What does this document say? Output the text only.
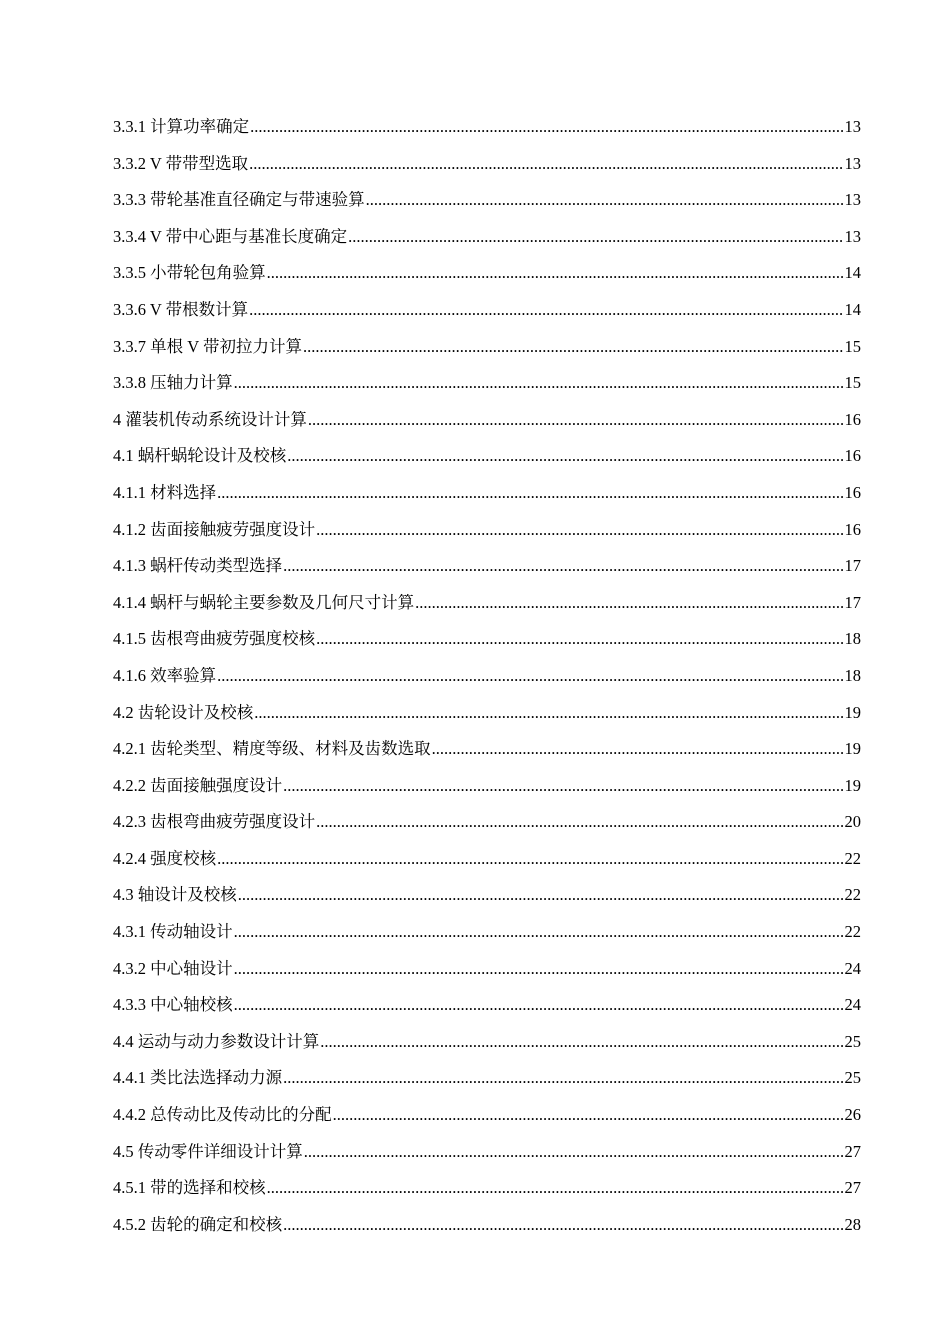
3.3.1 计算功率确定 .....	13
3.3.2 V 带带型选取 .....	13
3.3.3 带轮基准直径确定与带速验算 .....	13
3.3.4 V 带中心距与基准长度确定 .....	13
3.3.5 小带轮包角验算 .....	14
3.3.6 V 带根数计算 .....	14
3.3.7 单根 V 带初拉力计算 .....	15
3.3.8 压轴力计算 .....	15
4 灌装机传动系统设计计算 .....	16
4.1 蜗杆蜗轮设计及校核 .....	16
4.1.1 材料选择 .....	16
4.1.2 齿面接触疲劳强度设计 .....	16
4.1.3 蜗杆传动类型选择 .....	17
4.1.4 蜗杆与蜗轮主要参数及几何尺寸计算 .....	17
4.1.5 齿根弯曲疲劳强度校核 .....	18
4.1.6 效率验算 .....	18
4.2 齿轮设计及校核 .....	19
4.2.1 齿轮类型、精度等级、材料及齿数选取 .....	19
4.2.2 齿面接触强度设计 .....	19
4.2.3 齿根弯曲疲劳强度设计 .....	20
4.2.4 强度校核 .....	22
4.3 轴设计及校核 .....	22
4.3.1 传动轴设计 .....	22
4.3.2 中心轴设计 .....	24
4.3.3 中心轴校核 .....	24
4.4 运动与动力参数设计计算 .....	25
4.4.1 类比法选择动力源 .....	25
4.4.2 总传动比及传动比的分配 .....	26
4.5 传动零件详细设计计算 .....	27
4.5.1 带的选择和校核 .....	27
4.5.2 齿轮的确定和校核 .....	28
